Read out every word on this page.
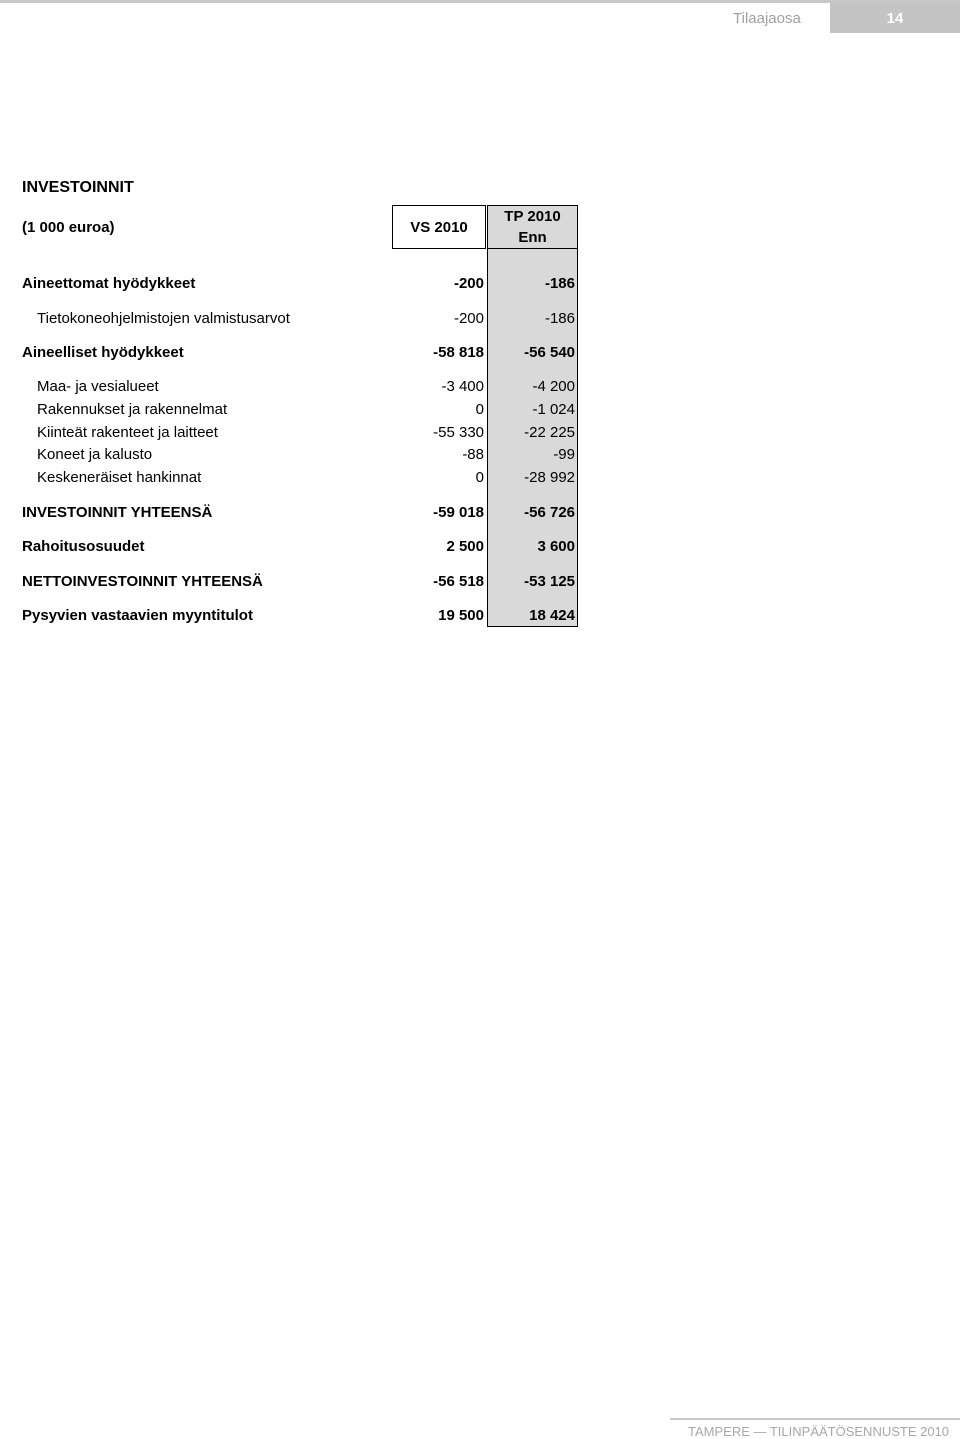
Tilaajaosa	14
INVESTOINNIT
(1 000 euroa)	VS 2010
TP 2010
Enn
Aineettomat hyödykkeet	-200	-186
Tietokoneohjelmistojen valmistusarvot	-200	-186
Aineelliset hyödykkeet	-58 818	-56 540
Maa- ja vesialueet	-3 400	-4 200
Rakennukset ja rakennelmat	0	-1 024
Kiinteät rakenteet ja laitteet	-55 330	-22 225
Koneet ja kalusto	-88	-99
Keskeneräiset hankinnat	0	-28 992
INVESTOINNIT YHTEENSÄ	-59 018	-56 726
Rahoitusosuudet	2 500	3 600
NETTOINVESTOINNIT YHTEENSÄ	-56 518	-53 125
Pysyvien vastaavien myyntitulot	19 500	18 424
TAMPERE — TILINPÄÄTÖSENNUSTE 2010
